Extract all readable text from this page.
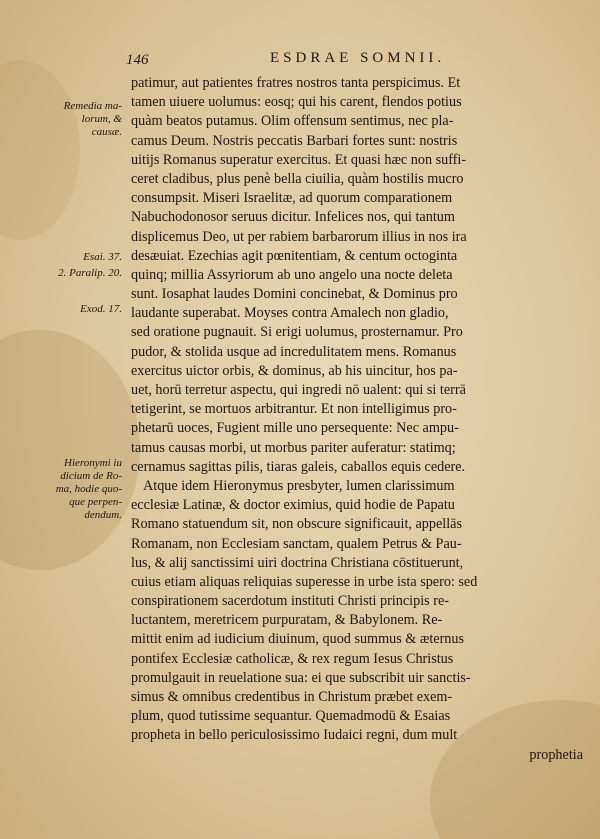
146	ESDRAE SOMNII.
Remedia ma-
lorum, &
causæ.
Esai. 37.
2. Paralip. 20.
Exod. 17.
Hieronymi iu
dicium de Ro-
ma, hodie quo-
que perpen-
dendum.
patimur, aut patientes fratres nostros tanta perspicimus. Et
tamen uiuere uolumus: eosq; qui his carent, flendos potius
quàm beatos putamus. Olim offensum sentimus, nec pla-
camus Deum. Nostris peccatis Barbari fortes sunt: nostris
uitijs Romanus superatur exercitus. Et quasi hæc non suffi-
ceret cladibus, plus penè bella ciuilia, quàm hostilis mucro
consumpsit. Miseri Israelitæ, ad quorum comparationem
Nabuchodonosor seruus dicitur. Infelices nos, qui tantum
displicemus Deo, ut per rabiem barbarorum illius in nos ira
desæuiat. Ezechias agit pœnitentiam, & centum octoginta
quinq; millia Assyriorum ab uno angelo una nocte deleta
sunt. Iosaphat laudes Domini concinebat, & Dominus pro
laudante superabat. Moyses contra Amalech non gladio,
sed oratione pugnauit. Si erigi uolumus, prosternamur. Pro
pudor, & stolida usque ad incredulitatem mens. Romanus
exercitus uictor orbis, & dominus, ab his uincitur, hos pa-
uet, horū terretur aspectu, qui ingredi nō ualent: qui si terrā
tetigerint, se mortuos arbitrantur. Et non intelligimus pro-
phetarū uoces, Fugient mille uno persequente: Nec ampu-
tamus causas morbi, ut morbus pariter auferatur: statimq;
cernamus sagittas pilis, tiaras galeis, caballos equis cedere.
Atque idem Hieronymus presbyter, lumen clarissimum
ecclesiæ Latinæ, & doctor eximius, quid hodie de Papatu
Romano statuendum sit, non obscure significauit, appellās
Romanam, non Ecclesiam sanctam, qualem Petrus & Pau-
lus, & alij sanctissimi uiri doctrina Christiana cōstituerunt,
cuius etiam aliquas reliquias superesse in urbe ista spero: sed
conspirationem sacerdotum instituti Christi principis re-
luctantem, meretricem purpuratam, & Babylonem. Re-
mittit enim ad iudicium diuinum, quod summus & æternus
pontifex Ecclesiæ catholicæ, & rex regum Iesus Christus
promulgauit in reuelatione sua: ei que subscribit uir sanctis-
simus & omnibus credentibus in Christum præbet exem-
plum, quod tutissime sequantur. Quemadmodū & Esaias
propheta in bello periculosissimo Iudaici regni, dum mult
prophetia
